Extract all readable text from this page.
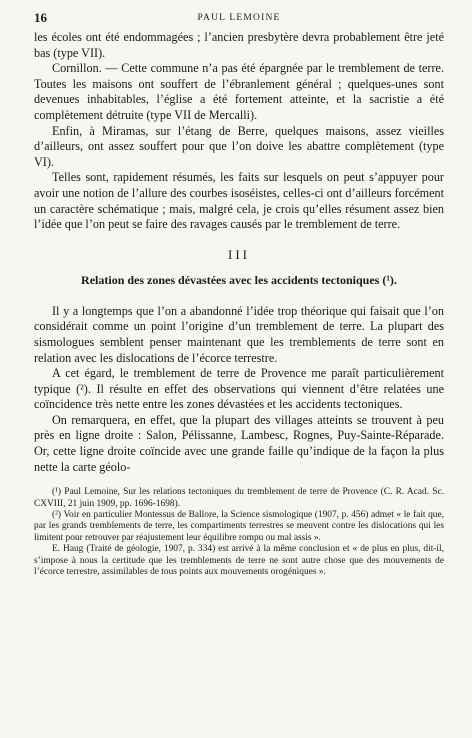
16	PAUL LEMOINE

les écoles ont été endommagées ; l’ancien presbytère devra probablement être jeté bas (type VII).

Cornillon. — Cette commune n’a pas été épargnée par le tremblement de terre. Toutes les maisons ont souffert de l’ébranlement général ; quelques-unes sont devenues inhabitables, l’église a été fortement atteinte, et la sacristie a été complètement détruite (type VII de Mercalli).

Enfin, à Miramas, sur l’étang de Berre, quelques maisons, assez vieilles d’ailleurs, ont assez souffert pour que l’on doive les abattre complètement (type VI).

Telles sont, rapidement résumés, les faits sur lesquels on peut s’appuyer pour avoir une notion de l’allure des courbes isoséistes, celles-ci ont d’ailleurs forcément un caractère schématique ; mais, malgré cela, je crois qu’elles résument assez bien l’idée que l’on peut se faire des ravages causés par le tremblement de terre.

III
Relation des zones dévastées avec les accidents tectoniques (¹).

Il y a longtemps que l’on a abandonné l’idée trop théorique qui faisait que l’on considérait comme un point l’origine d’un tremblement de terre. La plupart des sismologues semblent penser maintenant que les tremblements de terre sont en relation avec les dislocations de l’écorce terrestre.

A cet égard, le tremblement de terre de Provence me paraît particulièrement typique (²). Il résulte en effet des observations qui viennent d’être relatées une coïncidence très nette entre les zones dévastées et les accidents tectoniques.

On remarquera, en effet, que la plupart des villages atteints se trouvent à peu près en ligne droite : Salon, Pélissanne, Lambesc, Rognes, Puy-Sainte-Réparade. Or, cette ligne droite coïncide avec une grande faille qu’indique de la façon la plus nette la carte géolo-

(¹) Paul Lemoine, Sur les relations tectoniques du tremblement de terre de Provence (C. R. Acad. Sc. CXVIII, 21 juin 1909, pp. 1696-1698).

(²) Voir en particulier Montessus de Ballore, la Science sismologique (1907, p. 456) admet « le fait que, par les grands tremblements de terre, les compartiments terrestres se meuvent contre les dislocations qui les limitent pour retrouver par réajustement leur équilibre rompu ou mal assis ».

E. Haug (Traité de géologie, 1907, p. 334) est arrivé à la même conclusion et « de plus en plus, dit-il, s’impose à nous la certitude que les tremblements de terre ne sont autre chose que des mouvements de l’écorce terrestre, assimilables de tous points aux mouvements orogéniques ».
